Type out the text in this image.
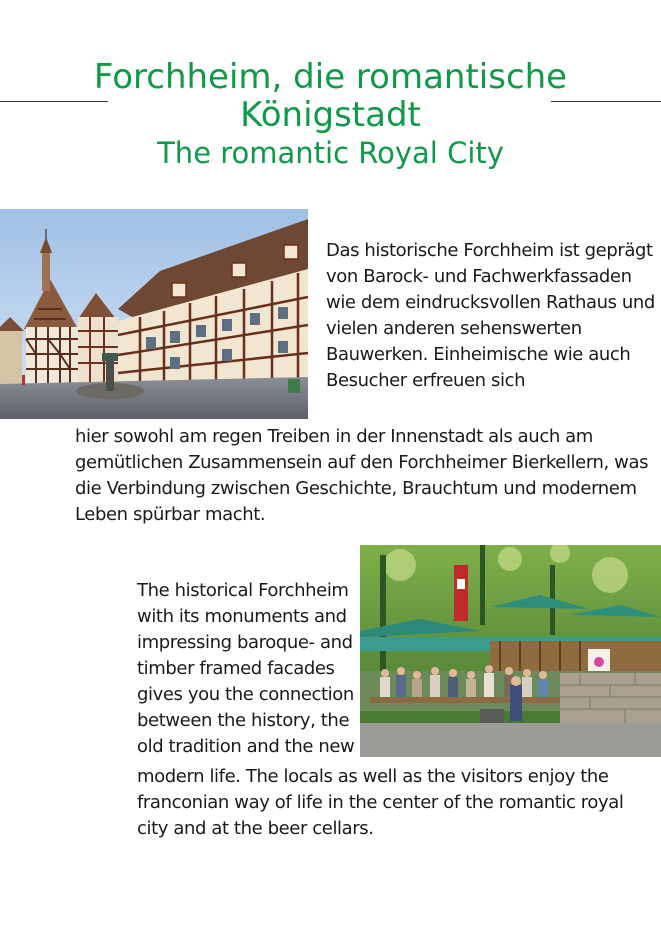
Forchheim, die romantische Königstadt
The romantic Royal City

Das historische Forchheim ist geprägt von Barock- und Fachwerkfassaden wie dem eindrucksvollen Rathaus und vielen anderen sehenswerten Bauwerken. Einheimische wie auch Besucher erfreuen sich

hier sowohl am regen Treiben in der Innenstadt als auch am gemütlichen Zusammensein auf den Forchheimer Bierkellern, was die Verbindung zwischen Geschichte, Brauchtum und modernem Leben spürbar macht.

The historical Forchheim with its monuments and impressing baroque- and timber framed facades gives you the connection between the history, the old tradition and the new

modern life. The locals as well as the visitors enjoy the franconian way of life in the center of the romantic royal city and at the beer cellars.
